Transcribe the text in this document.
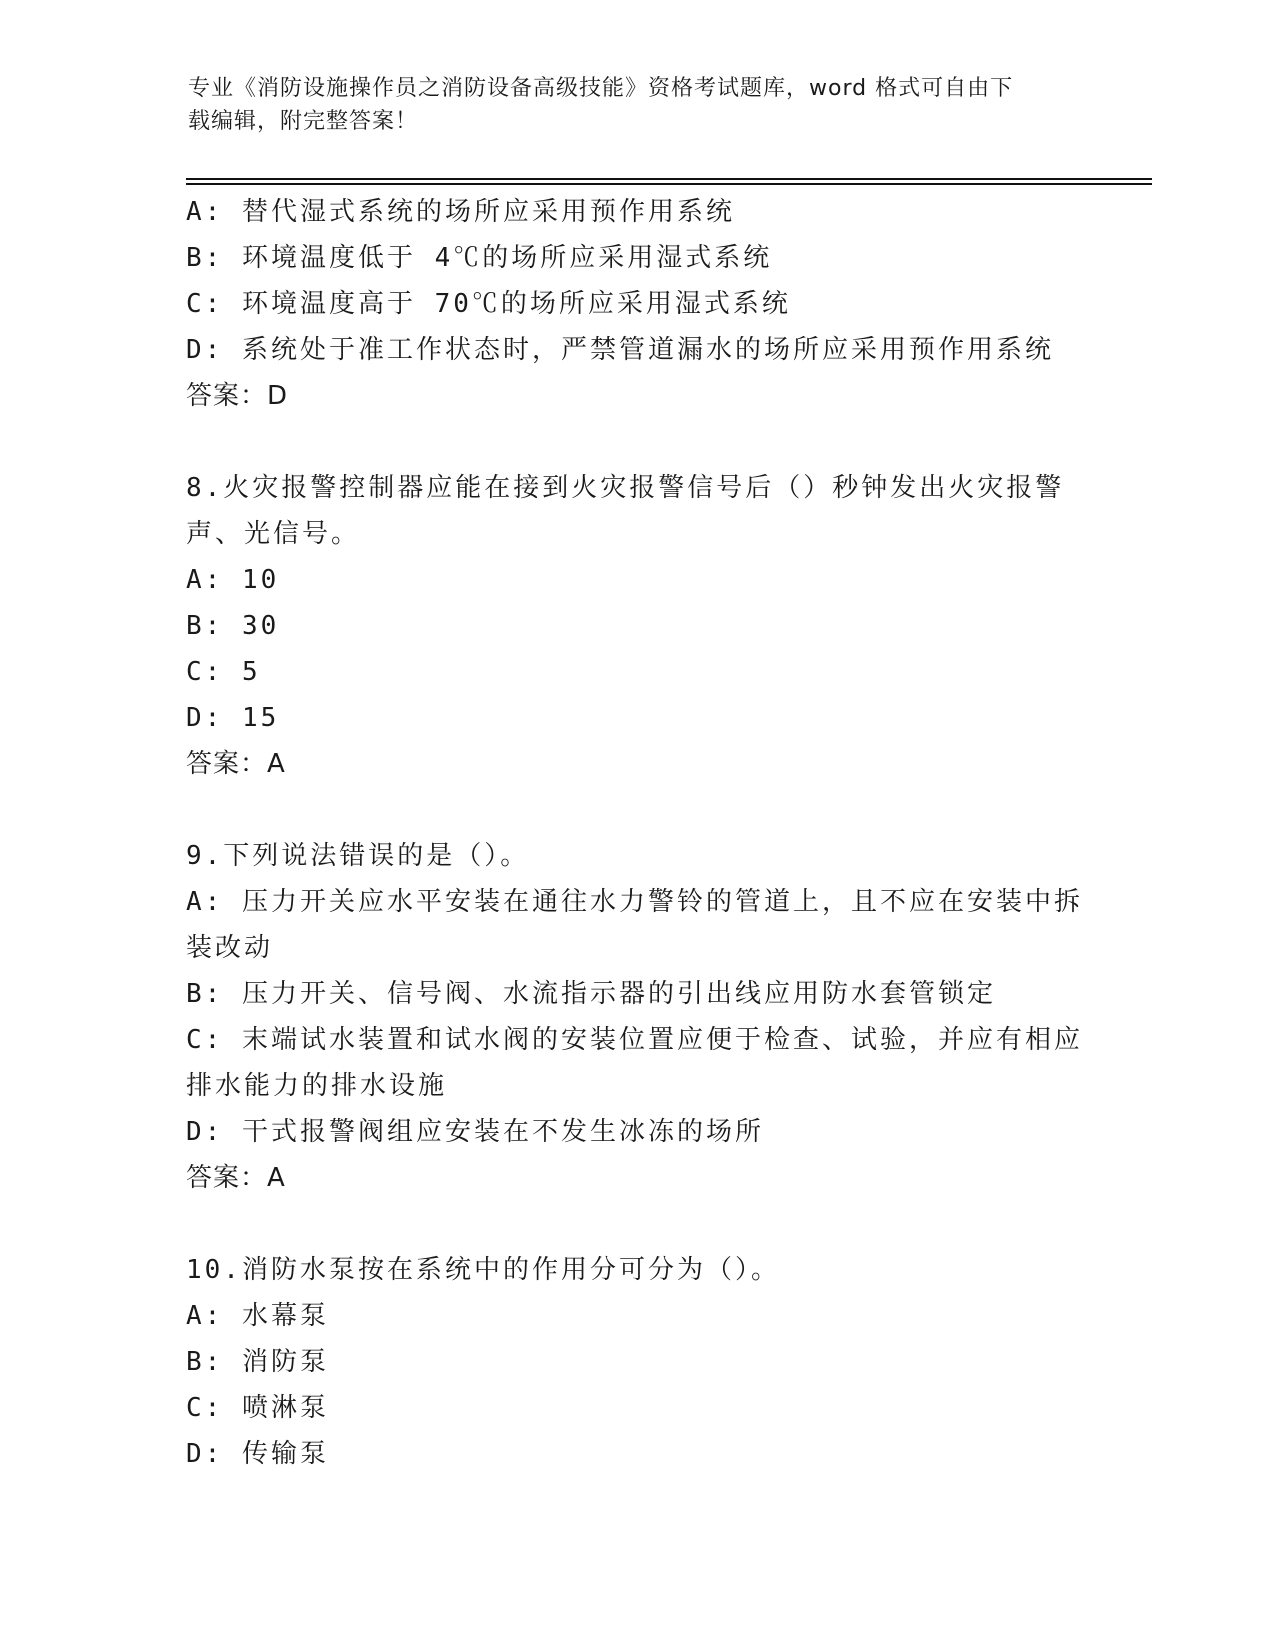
专业《消防设施操作员之消防设备高级技能》资格考试题库，word 格式可自由下
载编辑，附完整答案！
A: 替代湿式系统的场所应采用预作用系统
B: 环境温度低于 4℃的场所应采用湿式系统
C: 环境温度高于 70℃的场所应采用湿式系统
D: 系统处于准工作状态时，严禁管道漏水的场所应采用预作用系统
答案：D
8.火灾报警控制器应能在接到火灾报警信号后（）秒钟发出火灾报警
声、光信号。
A: 10
B: 30
C: 5
D: 15
答案：A
9.下列说法错误的是（）。
A: 压力开关应水平安装在通往水力警铃的管道上，且不应在安装中拆
装改动
B: 压力开关、信号阀、水流指示器的引出线应用防水套管锁定
C: 末端试水装置和试水阀的安装位置应便于检查、试验，并应有相应
排水能力的排水设施
D: 干式报警阀组应安装在不发生冰冻的场所
答案：A
10.消防水泵按在系统中的作用分可分为（）。
A: 水幕泵
B: 消防泵
C: 喷淋泵
D: 传输泵
